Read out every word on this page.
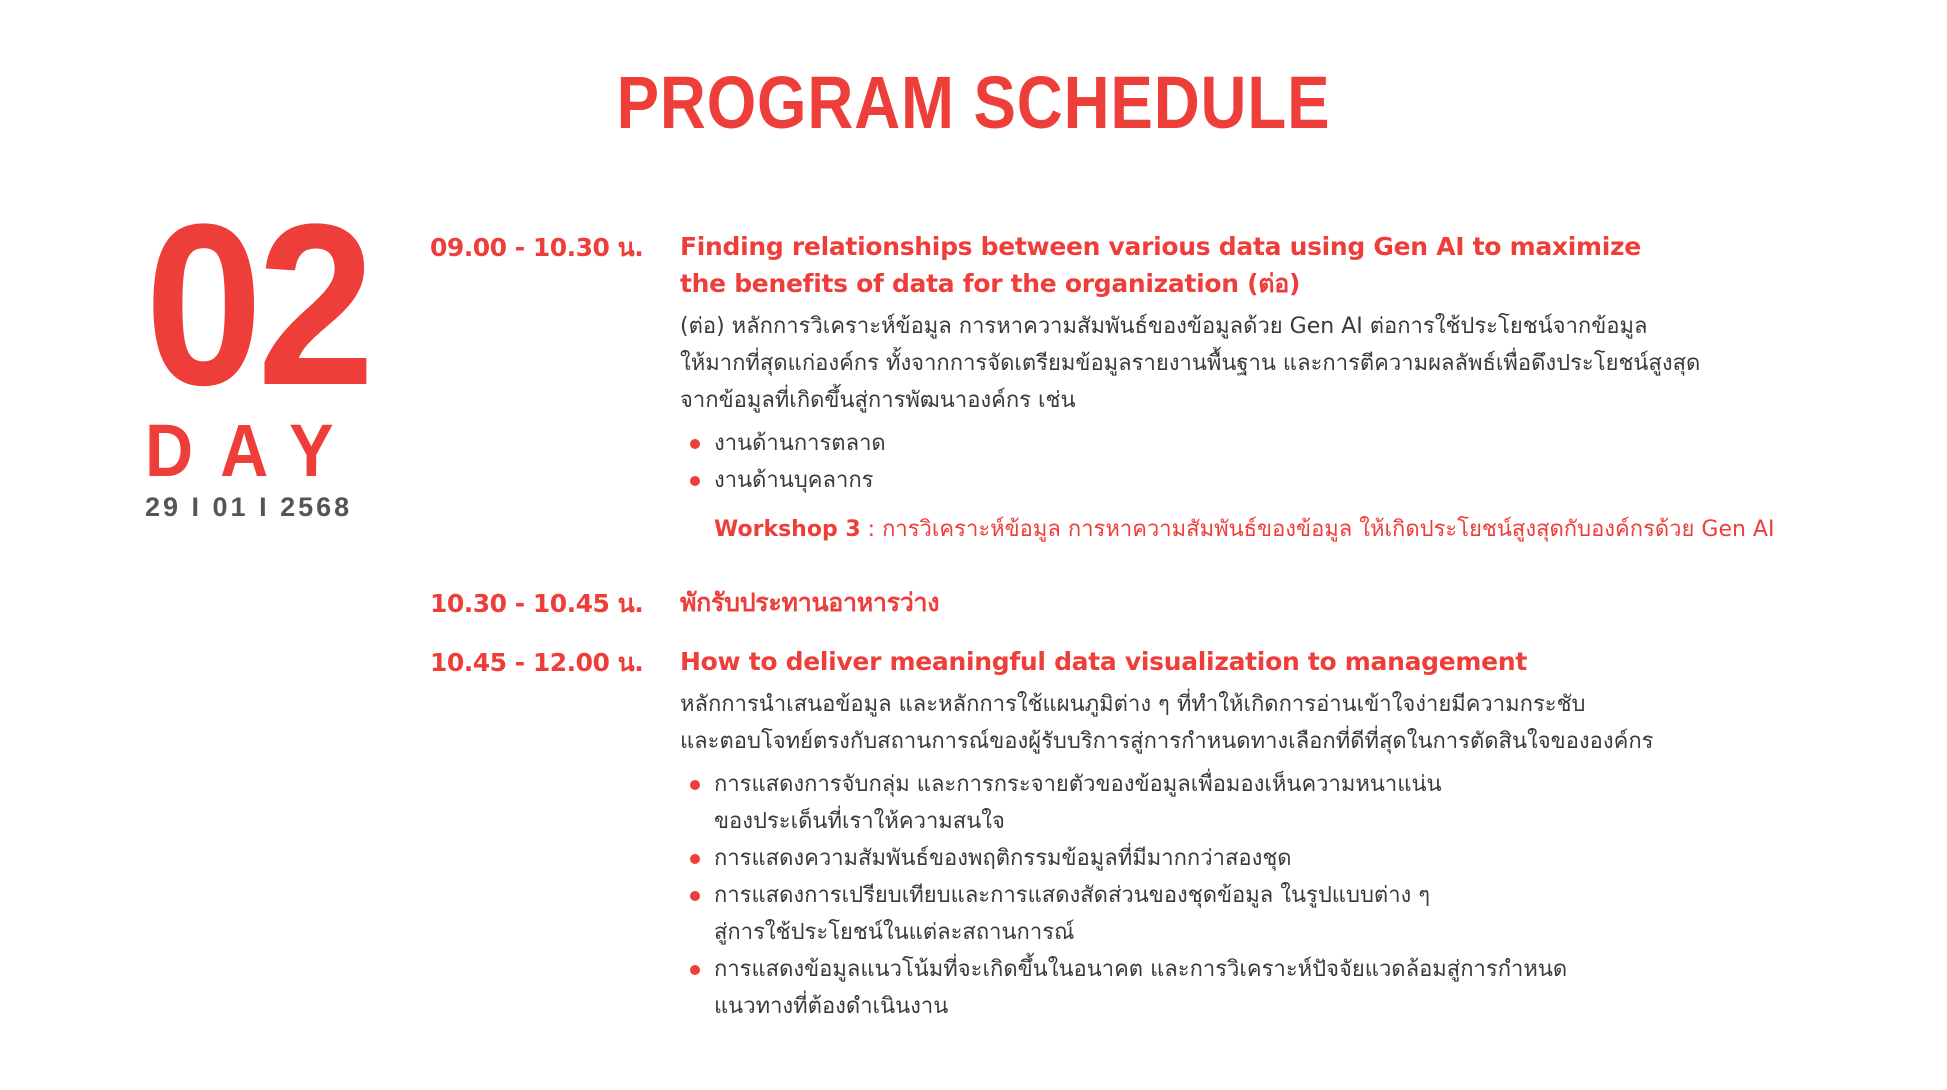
PROGRAM SCHEDULE
02
DAY
29 I 01 I 2568
09.00 - 10.30 น.	Finding relationships between various data using Gen AI to maximize
the benefits of data for the organization (ต่อ)
(ต่อ) หลักการวิเคราะห์ข้อมูล การหาความสัมพันธ์ของข้อมูลด้วย Gen AI ต่อการใช้ประโยชน์จากข้อมูล
ให้มากที่สุดแก่องค์กร ทั้งจากการจัดเตรียมข้อมูลรายงานพื้นฐาน และการตีความผลลัพธ์เพื่อดึงประโยชน์สูงสุด
จากข้อมูลที่เกิดขึ้นสู่การพัฒนาองค์กร เช่น
งานด้านการตลาด
งานด้านบุคลากร
Workshop 3 : การวิเคราะห์ข้อมูล การหาความสัมพันธ์ของข้อมูล ให้เกิดประโยชน์สูงสุดกับองค์กรด้วย Gen AI
10.30 - 10.45 น.	พักรับประทานอาหารว่าง
10.45 - 12.00 น.	How to deliver meaningful data visualization to management
หลักการนำเสนอข้อมูล และหลักการใช้แผนภูมิต่าง ๆ ที่ทำให้เกิดการอ่านเข้าใจง่ายมีความกระชับ
และตอบโจทย์ตรงกับสถานการณ์ของผู้รับบริการสู่การกำหนดทางเลือกที่ดีที่สุดในการตัดสินใจขององค์กร
การแสดงการจับกลุ่ม และการกระจายตัวของข้อมูลเพื่อมองเห็นความหนาแน่น
ของประเด็นที่เราให้ความสนใจ
การแสดงความสัมพันธ์ของพฤติกรรมข้อมูลที่มีมากกว่าสองชุด
การแสดงการเปรียบเทียบและการแสดงสัดส่วนของชุดข้อมูล ในรูปแบบต่าง ๆ
สู่การใช้ประโยชน์ในแต่ละสถานการณ์
การแสดงข้อมูลแนวโน้มที่จะเกิดขึ้นในอนาคต และการวิเคราะห์ปัจจัยแวดล้อมสู่การกำหนด
แนวทางที่ต้องดำเนินงาน
